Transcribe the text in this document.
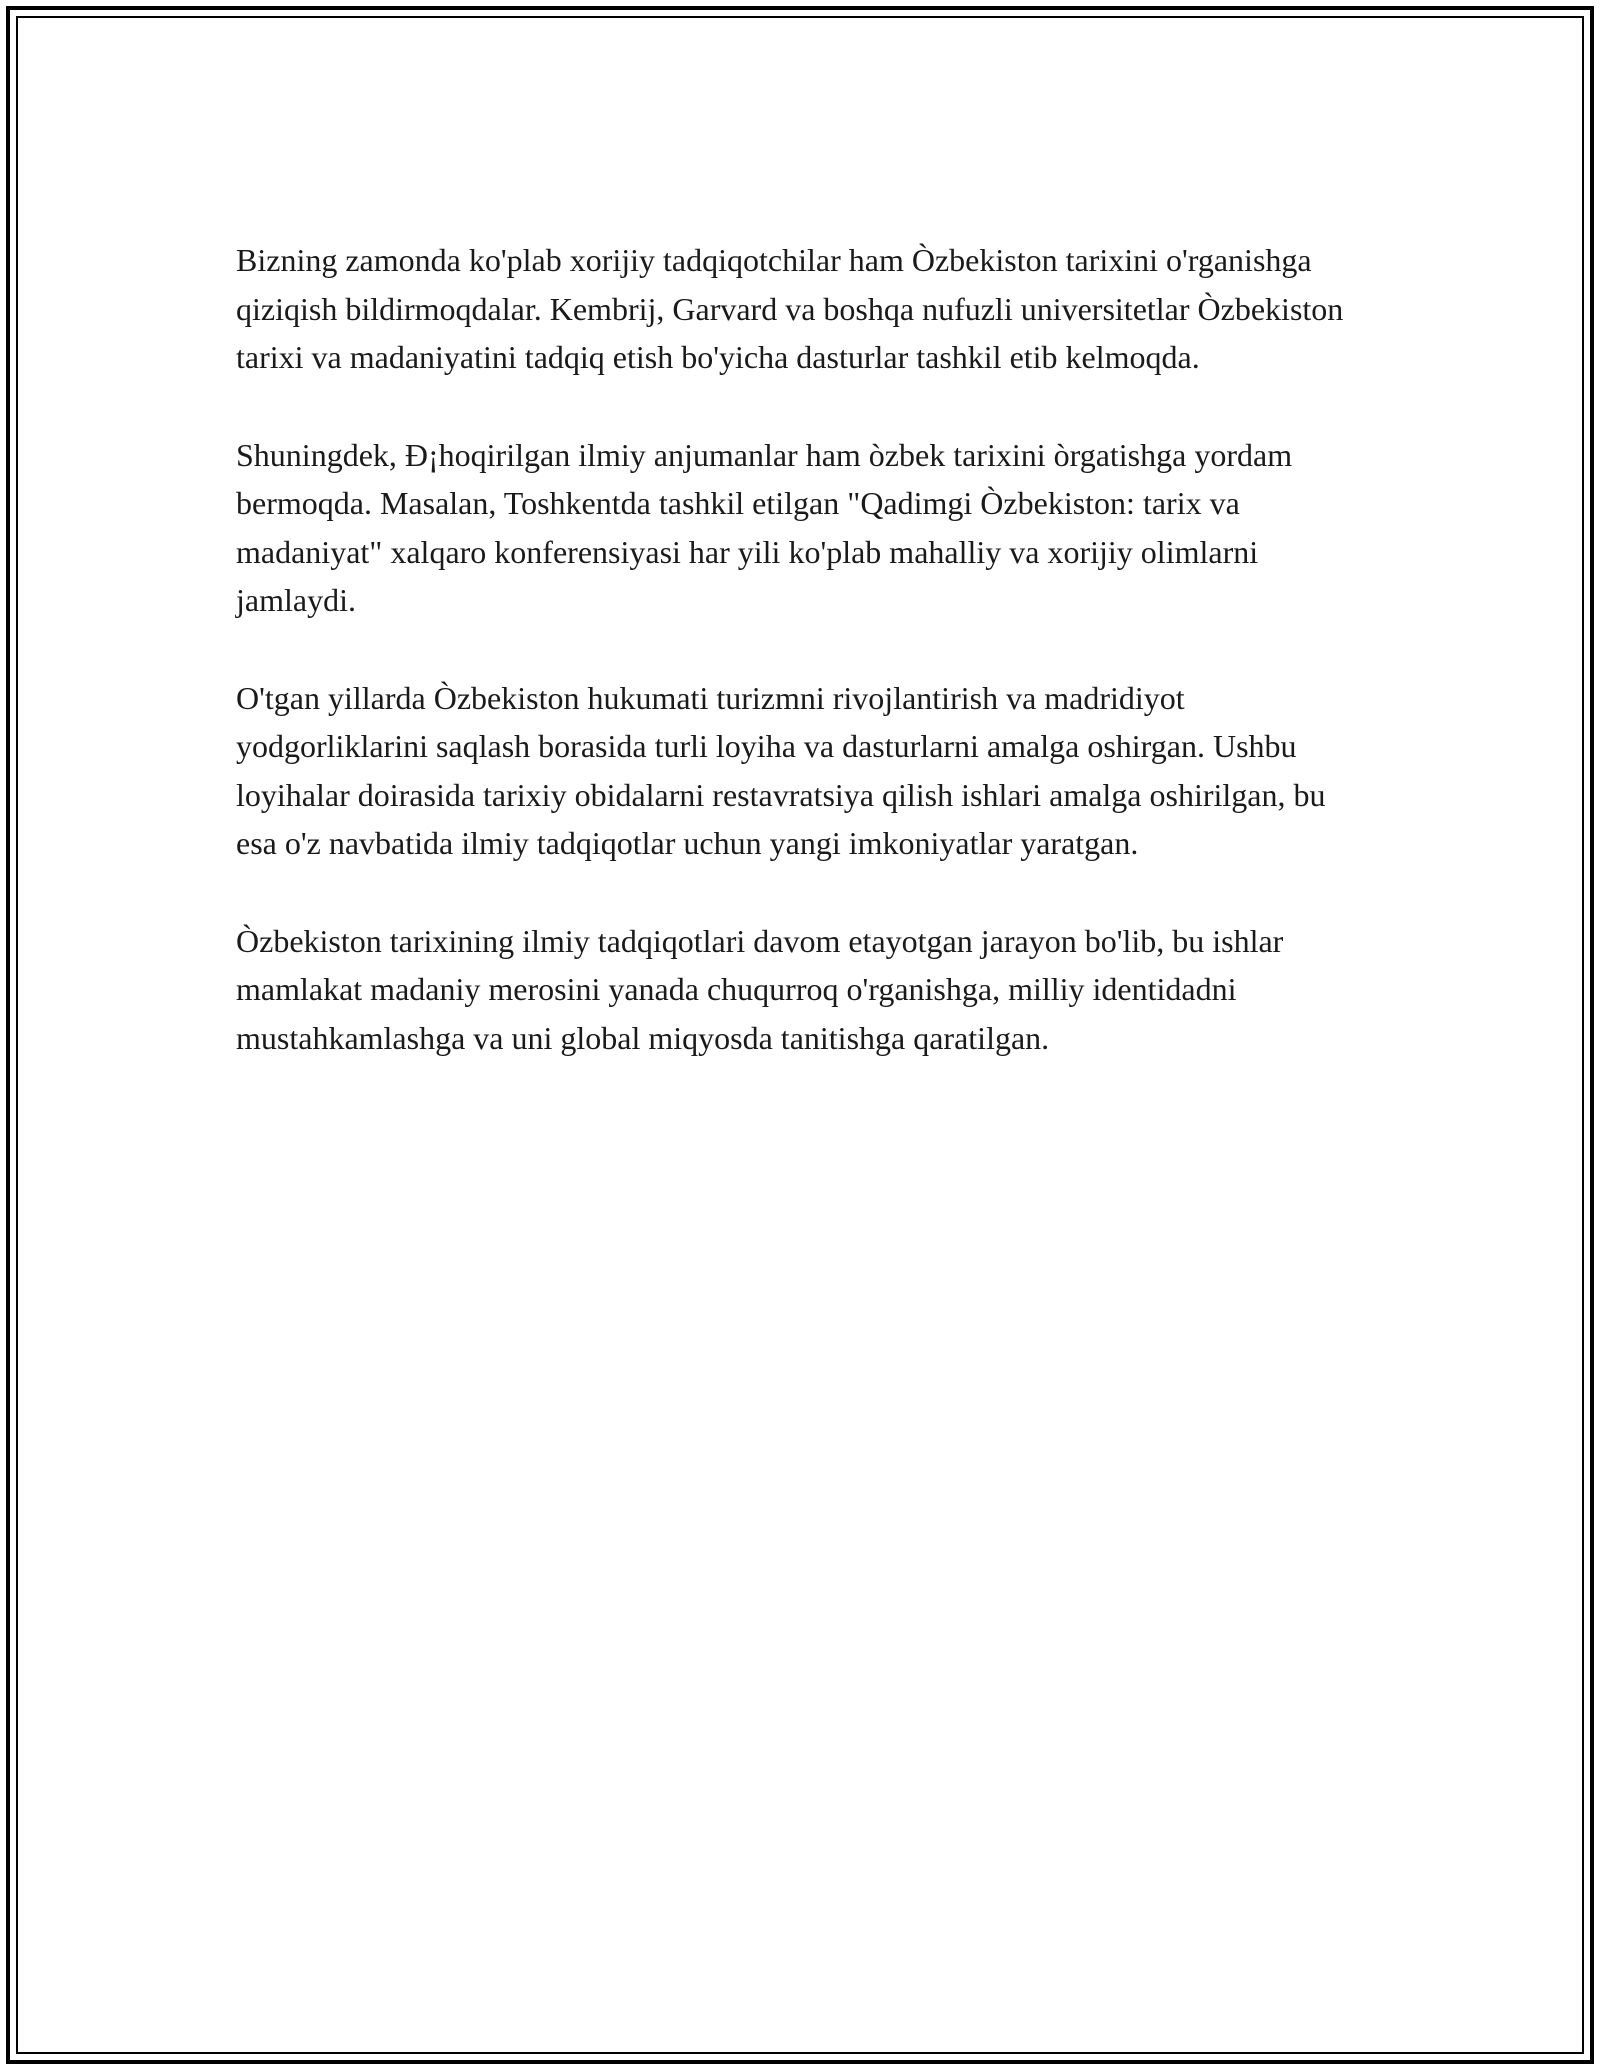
Bizning zamonda ko'plab xorijiy tadqiqotchilar ham Òzbekiston tarixini o'rganishga qiziqish bildirmoqdalar. Kembrij, Garvard va boshqa nufuzli universitetlar Òzbekiston tarixi va madaniyatini tadqiq etish bo'yicha dasturlar tashkil etib kelmoqda.

Shuningdek, Ð¡hoqirilgan ilmiy anjumanlar ham òzbek tarixini òrgatishga yordam bermoqda. Masalan, Toshkentda tashkil etilgan "Qadimgi Òzbekiston: tarix va madaniyat" xalqaro konferensiyasi har yili ko'plab mahalliy va xorijiy olimlarni jamlaydi.

O'tgan yillarda Òzbekiston hukumati turizmni rivojlantirish va madridiyot yodgorliklarini saqlash borasida turli loyiha va dasturlarni amalga oshirgan. Ushbu loyihalar doirasida tarixiy obidalarni restavratsiya qilish ishlari amalga oshirilgan, bu esa o'z navbatida ilmiy tadqiqotlar uchun yangi imkoniyatlar yaratgan.

Òzbekiston tarixining ilmiy tadqiqotlari davom etayotgan jarayon bo'lib, bu ishlar mamlakat madaniy merosini yanada chuqurroq o'rganishga, milliy identidadni mustahkamlashga va uni global miqyosda tanitishga qaratilgan.
